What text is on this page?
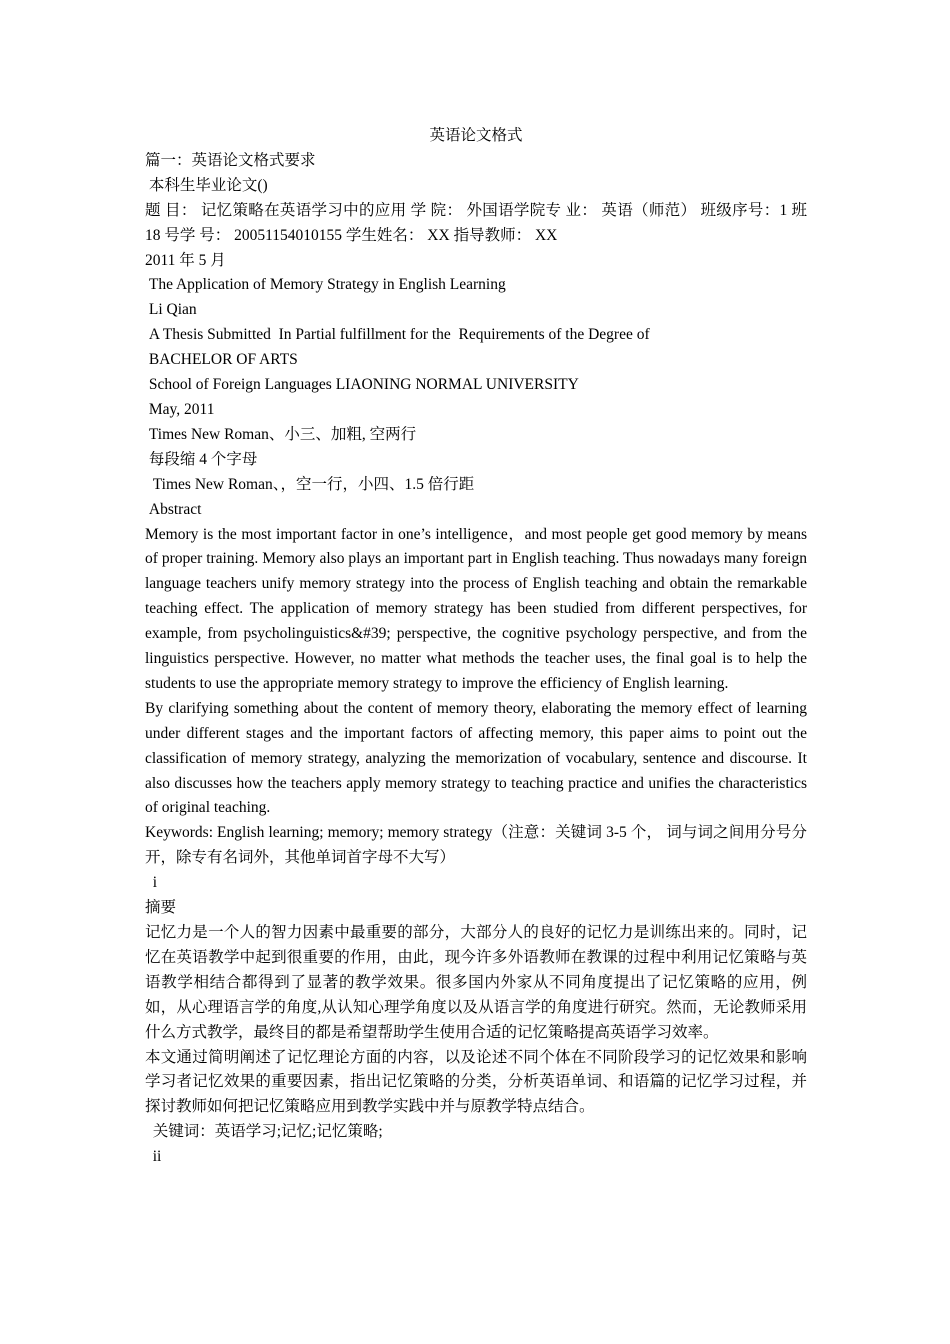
英语论文格式

篇一：英语论文格式要求

本科生毕业论文()

题 目： 记忆策略在英语学习中的应用 学 院： 外国语学院专 业： 英语（师范） 班级序号：1 班 18 号学 号： 20051154010155 学生姓名： XX 指导教师： XX

2011 年 5 月

The Application of Memory Strategy in English Learning

Li Qian

A Thesis Submitted  In Partial fulfillment for the  Requirements of the Degree of

BACHELOR OF ARTS

School of Foreign Languages LIAONING NORMAL UNIVERSITY

May, 2011

Times New Roman、小三、加粗, 空两行

每段缩 4 个字母

Times New Roman、，空一行，小四、1.5 倍行距

Abstract

Memory is the most important factor in one’s intelligence，and most people get good memory by means of proper training. Memory also plays an important part in English teaching. Thus nowadays many foreign language teachers unify memory strategy into the process of English teaching and obtain the remarkable teaching effect. The application of memory strategy has been studied from different perspectives, for example, from psycholinguistics&#39; perspective, the cognitive psychology perspective, and from the linguistics perspective. However, no matter what methods the teacher uses, the final goal is to help the students to use the appropriate memory strategy to improve the efficiency of English learning.

By clarifying something about the content of memory theory, elaborating the memory effect of learning under different stages and the important factors of affecting memory, this paper aims to point out the classification of memory strategy, analyzing the memorization of vocabulary, sentence and discourse. It also discusses how the teachers apply memory strategy to teaching practice and unifies the characteristics of original teaching.

Keywords: English learning; memory; memory strategy（注意：关键词 3-5 个， 词与词之间用分号分开，除专有名词外，其他单词首字母不大写）

i

摘要

记忆力是一个人的智力因素中最重要的部分，大部分人的良好的记忆力是训练出来的。同时，记忆在英语教学中起到很重要的作用，由此，现今许多外语教师在教课的过程中利用记忆策略与英语教学相结合都得到了显著的教学效果。很多国内外家从不同角度提出了记忆策略的应用，例如，从心理语言学的角度,从认知心理学角度以及从语言学的角度进行研究。然而，无论教师采用什么方式教学，最终目的都是希望帮助学生使用合适的记忆策略提高英语学习效率。

本文通过简明阐述了记忆理论方面的内容，以及论述不同个体在不同阶段学习的记忆效果和影响学习者记忆效果的重要因素，指出记忆策略的分类，分析英语单词、和语篇的记忆学习过程，并探讨教师如何把记忆策略应用到教学实践中并与原教学特点结合。

关键词：英语学习;记忆;记忆策略;

ii
